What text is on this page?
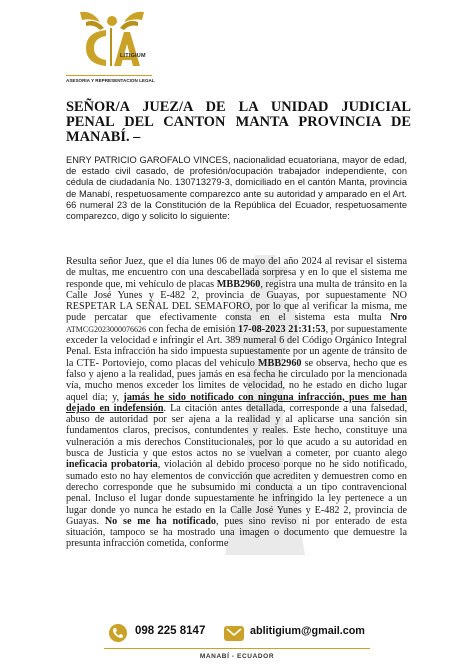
LITIGIUM
ASESORIA Y REPRESENTACION LEGAL
SEÑOR/A JUEZ/A DE LA UNIDAD JUDICIAL PENAL DEL CANTON MANTA PROVINCIA DE MANABÍ. –
ENRY PATRICIO GAROFALO VINCES, nacionalidad ecuatoriana, mayor de edad, de estado civil casado, de profesión/ocupación trabajador independiente, con cédula de ciudadanía No. 130713279-3, domiciliado en el cantón Manta, provincia de Manabí, respetuosamente comparezco ante su autoridad y amparado en el Art. 66 numeral 23 de la Constitución de la República del Ecuador, respetuosamente comparezco, digo y solicito lo siguiente:
Resulta señor Juez, que el día lunes 06 de mayo del año 2024 al revisar el sistema de multas, me encuentro con una descabellada sorpresa y en lo que el sistema me responde que, mi vehículo de placas MBB2960, registra una multa de tránsito en la Calle José Yunes y E-482 2, provincia de Guayas, por supuestamente NO RESPETAR LA SEÑAL DEL SEMAFORO, por lo que al verificar la misma, me pude percatar que efectivamente consta en el sistema esta multa Nro ATMCG2023000076626 con fecha de emisión 17-08-2023 21:31:53, por supuestamente exceder la velocidad e infringir el Art. 389 numeral 6 del Código Orgánico Integral Penal. Esta infracción ha sido impuesta supuestamente por un agente de tránsito de la CTE- Portoviejo, como placas del vehículo MBB2960 se observa, hecho que es falso y ajeno a la realidad, pues jamás en esa fecha he circulado por la mencionada vía, mucho menos exceder los limites de velocidad, no he estado en dicho lugar aquel día; y, jamás he sido notificado con ninguna infracción, pues me han dejado en indefensión. La citación antes detallada, corresponde a una falsedad, abuso de autoridad por ser ajena a la realidad y al aplicarse una sanción sin fundamentos claros, precisos, contundentes y reales. Este hecho, constituye una vulneración a mis derechos Constitucionales, por lo que acudo a su autoridad en busca de Justicia y que estos actos no se vuelvan a cometer, por cuanto alego ineficacia probatoria, violación al debido proceso porque no he sido notificado, sumado esto no hay elementos de convicción que acrediten y demuestren como en derecho corresponde que he subsumido mi conducta a un tipo contravencional penal. Incluso el lugar donde supuestamente he infringido la ley pertenece a un lugar donde yo nunca he estado en la Calle José Yunes y E-482 2, provincia de Guayas. No se me ha notificado, pues sino reviso ni por enterado de esta situación, tampoco se ha mostrado una imagen o documento que demuestre la presunta infracción cometida, conforme
098 225 8147	ablitigium@gmail.com
MANABÍ - ECUADOR
